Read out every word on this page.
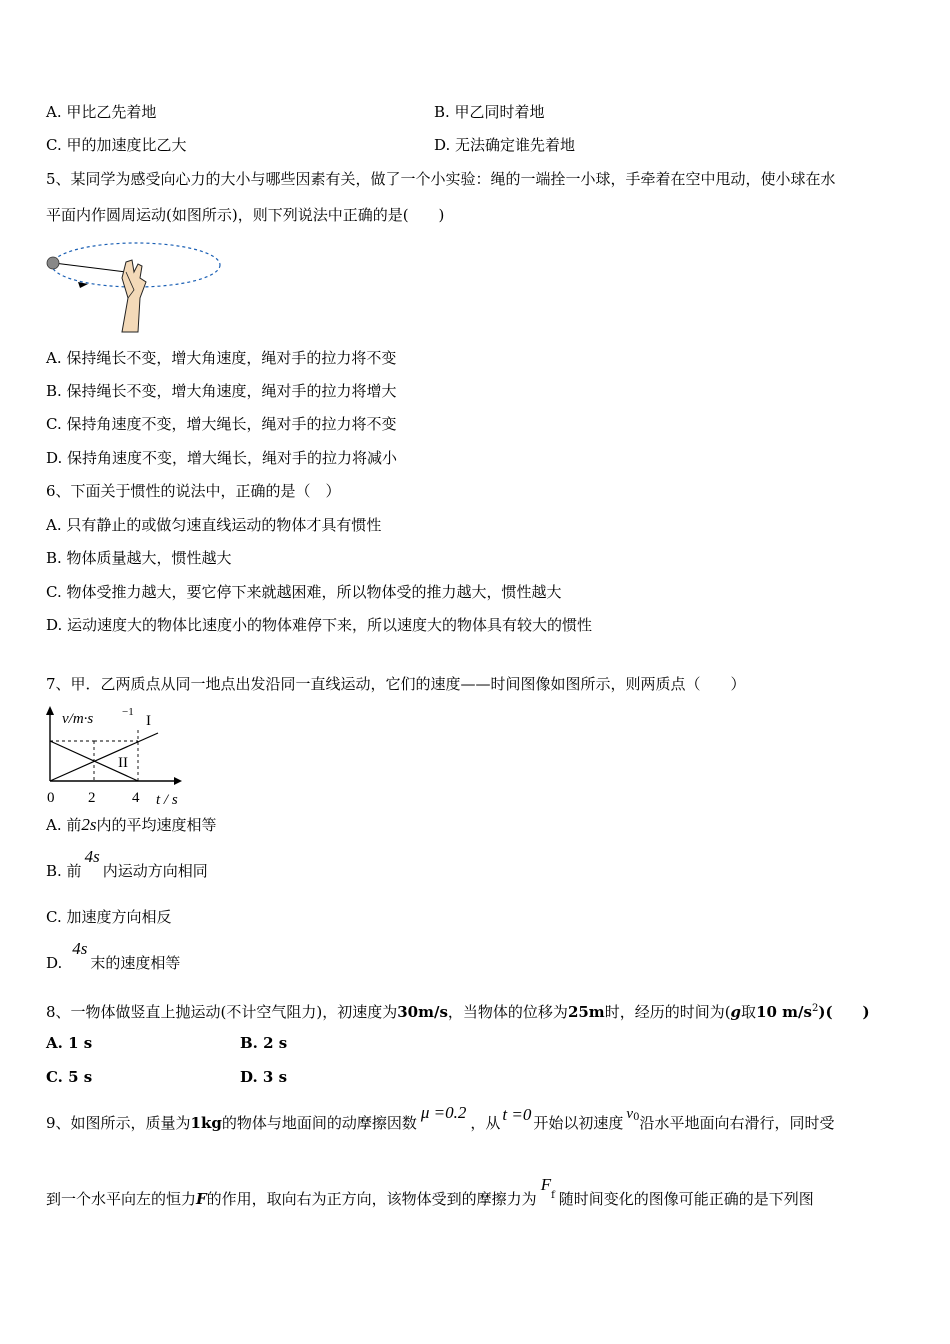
A. 甲比乙先着地	B. 甲乙同时着地
C. 甲的加速度比乙大	D. 无法确定谁先着地
5、某同学为感受向心力的大小与哪些因素有关，做了一个小实验：绳的一端拴一小球，手牵着在空中甩动，使小球在水
平面内作圆周运动(如图所示)，则下列说法中正确的是(　　)
A. 保持绳长不变，增大角速度，绳对手的拉力将不变
B. 保持绳长不变，增大角速度，绳对手的拉力将增大
C. 保持角速度不变，增大绳长，绳对手的拉力将不变
D. 保持角速度不变，增大绳长，绳对手的拉力将减小
6、下面关于惯性的说法中，正确的是（　）
A. 只有静止的或做匀速直线运动的物体才具有惯性
B. 物体质量越大，惯性越大
C. 物体受推力越大，要它停下来就越困难，所以物体受的推力越大，惯性越大
D. 运动速度大的物体比速度小的物体难停下来，所以速度大的物体具有较大的惯性
7、甲．乙两质点从同一地点出发沿同一直线运动，它们的速度——时间图像如图所示，则两质点（　　）
v/m·s	−1
I
II
0 2 4 t / s
A. 前2s内的平均速度相等
B. 前4s内运动方向相同
C. 加速度方向相反
D.4s末的速度相等
8、一物体做竖直上抛运动(不计空气阻力)，初速度为30m/s，当物体的位移为25m时，经历的时间为(g取10 $m/s^2$)(　　)
A. 1 s	B. 2 s
C. 5 s	D. 3 s
9、如图所示，质量为1kg的物体与地面间的动摩擦因数μ =0.2，从 t =0 开始以初速度 $v_0$沿水平地面向右滑行，同时受
到一个水平向左的恒力F的作用，取向右为正方向，该物体受到的摩擦力为$F_f$ 随时间变化的图像可能正确的是下列图
